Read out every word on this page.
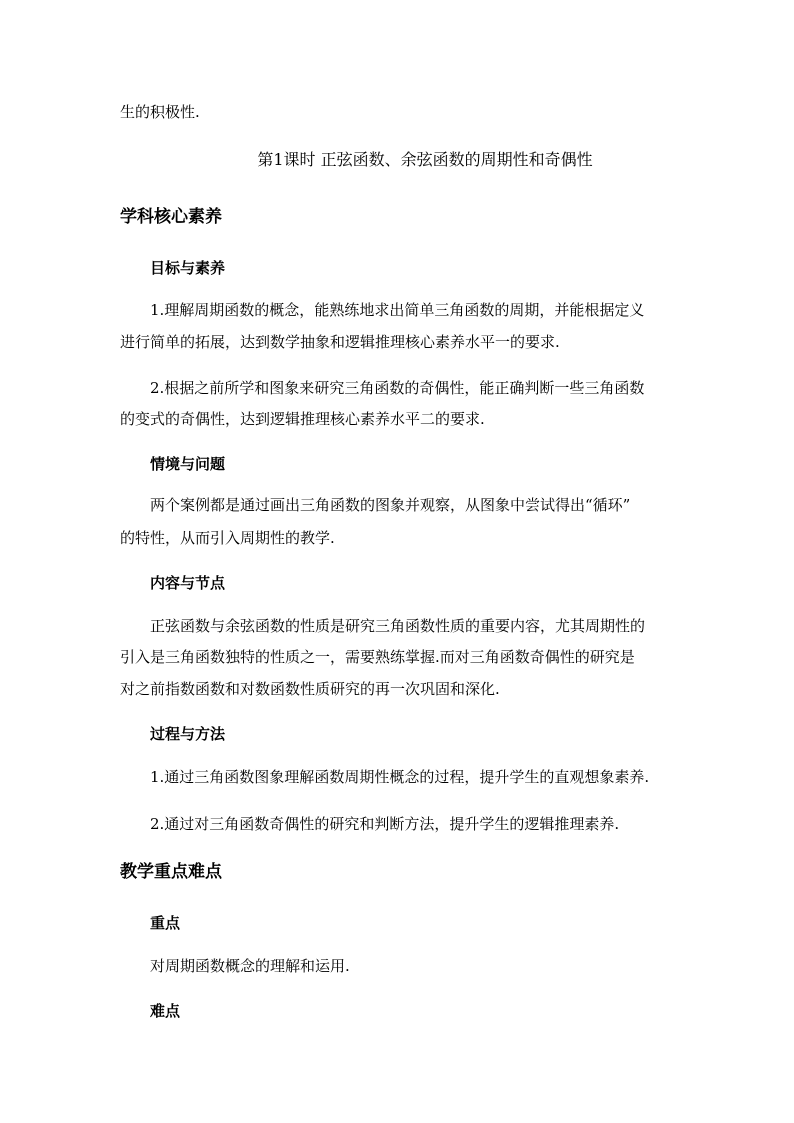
生的积极性.
第1课时 正弦函数、余弦函数的周期性和奇偶性
学科核心素养
目标与素养
1.理解周期函数的概念，能熟练地求出简单三角函数的周期，并能根据定义
进行简单的拓展，达到数学抽象和逻辑推理核心素养水平一的要求.
2.根据之前所学和图象来研究三角函数的奇偶性，能正确判断一些三角函数
的变式的奇偶性，达到逻辑推理核心素养水平二的要求.
情境与问题
两个案例都是通过画出三角函数的图象并观察，从图象中尝试得出“循环”
的特性，从而引入周期性的教学.
内容与节点
正弦函数与余弦函数的性质是研究三角函数性质的重要内容，尤其周期性的
引入是三角函数独特的性质之一，需要熟练掌握.而对三角函数奇偶性的研究是
对之前指数函数和对数函数性质研究的再一次巩固和深化.
过程与方法
1.通过三角函数图象理解函数周期性概念的过程，提升学生的直观想象素养.
2.通过对三角函数奇偶性的研究和判断方法，提升学生的逻辑推理素养.
教学重点难点
重点
对周期函数概念的理解和运用.
难点
